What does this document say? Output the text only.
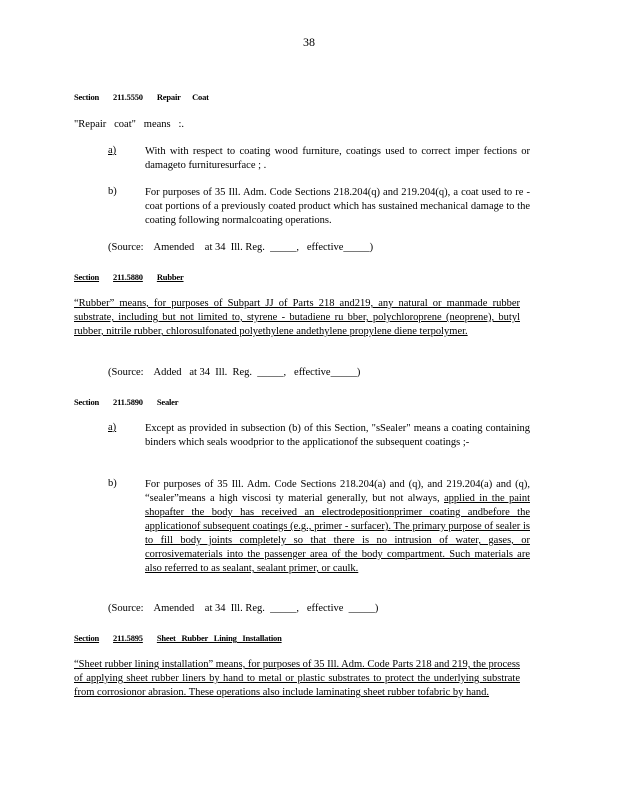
38
Section 211.5550 Repair      Coat
"Repair   coat"   means   :.
a)	With with respect to coating wood furniture, coatings used to correct imper fections or damageto furnituresurface ; .
b)	For purposes of 35 Ill. Adm. Code Sections 218.204(q) and 219.204(q), a coat used to re -coat portions of a previously coated product which has sustained mechanical damage to the coating following normalcoating operations.
(Source:    Amended    at 34  Ill. Reg.  _____,   effective_____)
Section 211.5880 Rubber
“Rubber” means, for purposes of Subpart JJ of Parts 218 and219, any natural or manmade rubber substrate, including but not limited to, styrene - butadiene ru bber, polychloroprene (neoprene), butyl rubber, nitrile rubber, chlorosulfonated polyethylene andethylene propylene diene terpolymer.
(Source:    Added   at 34  Ill.  Reg.  _____,   effective_____)
Section 211.5890 Sealer
a)	Except as provided in subsection (b) of this Section, "sSealer" means a coating containing binders which seals woodprior to the applicationof the subsequent coatings ;-
b)	For purposes of 35 Ill. Adm. Code Sections 218.204(a) and (q), and 219.204(a) and (q), “sealer”means a high viscosi ty material generally, but not always, applied in the paint shopafter the body has received an electrodepositionprimer coating andbefore the applicationof subsequent coatings (e.g., primer - surfacer). The primary purpose of sealer is to fill body joints completely so that there is no intrusion of water, gases, or corrosivematerials into the passenger area of the body compartment. Such materials are also referred to as sealant, sealant primer, or caulk.
(Source:    Amended    at 34  Ill. Reg.  _____,   effective  _____)
Section 211.5895 Sheet   Rubber   Lining   Installation
“Sheet rubber lining installation” means, for purposes of 35 Ill. Adm. Code Parts 218 and 219, the process of applying sheet rubber liners by hand to metal or plastic substrates to protect the underlying substrate from corrosionor abrasion. These operations also include laminating sheet rubber tofabric by hand.
